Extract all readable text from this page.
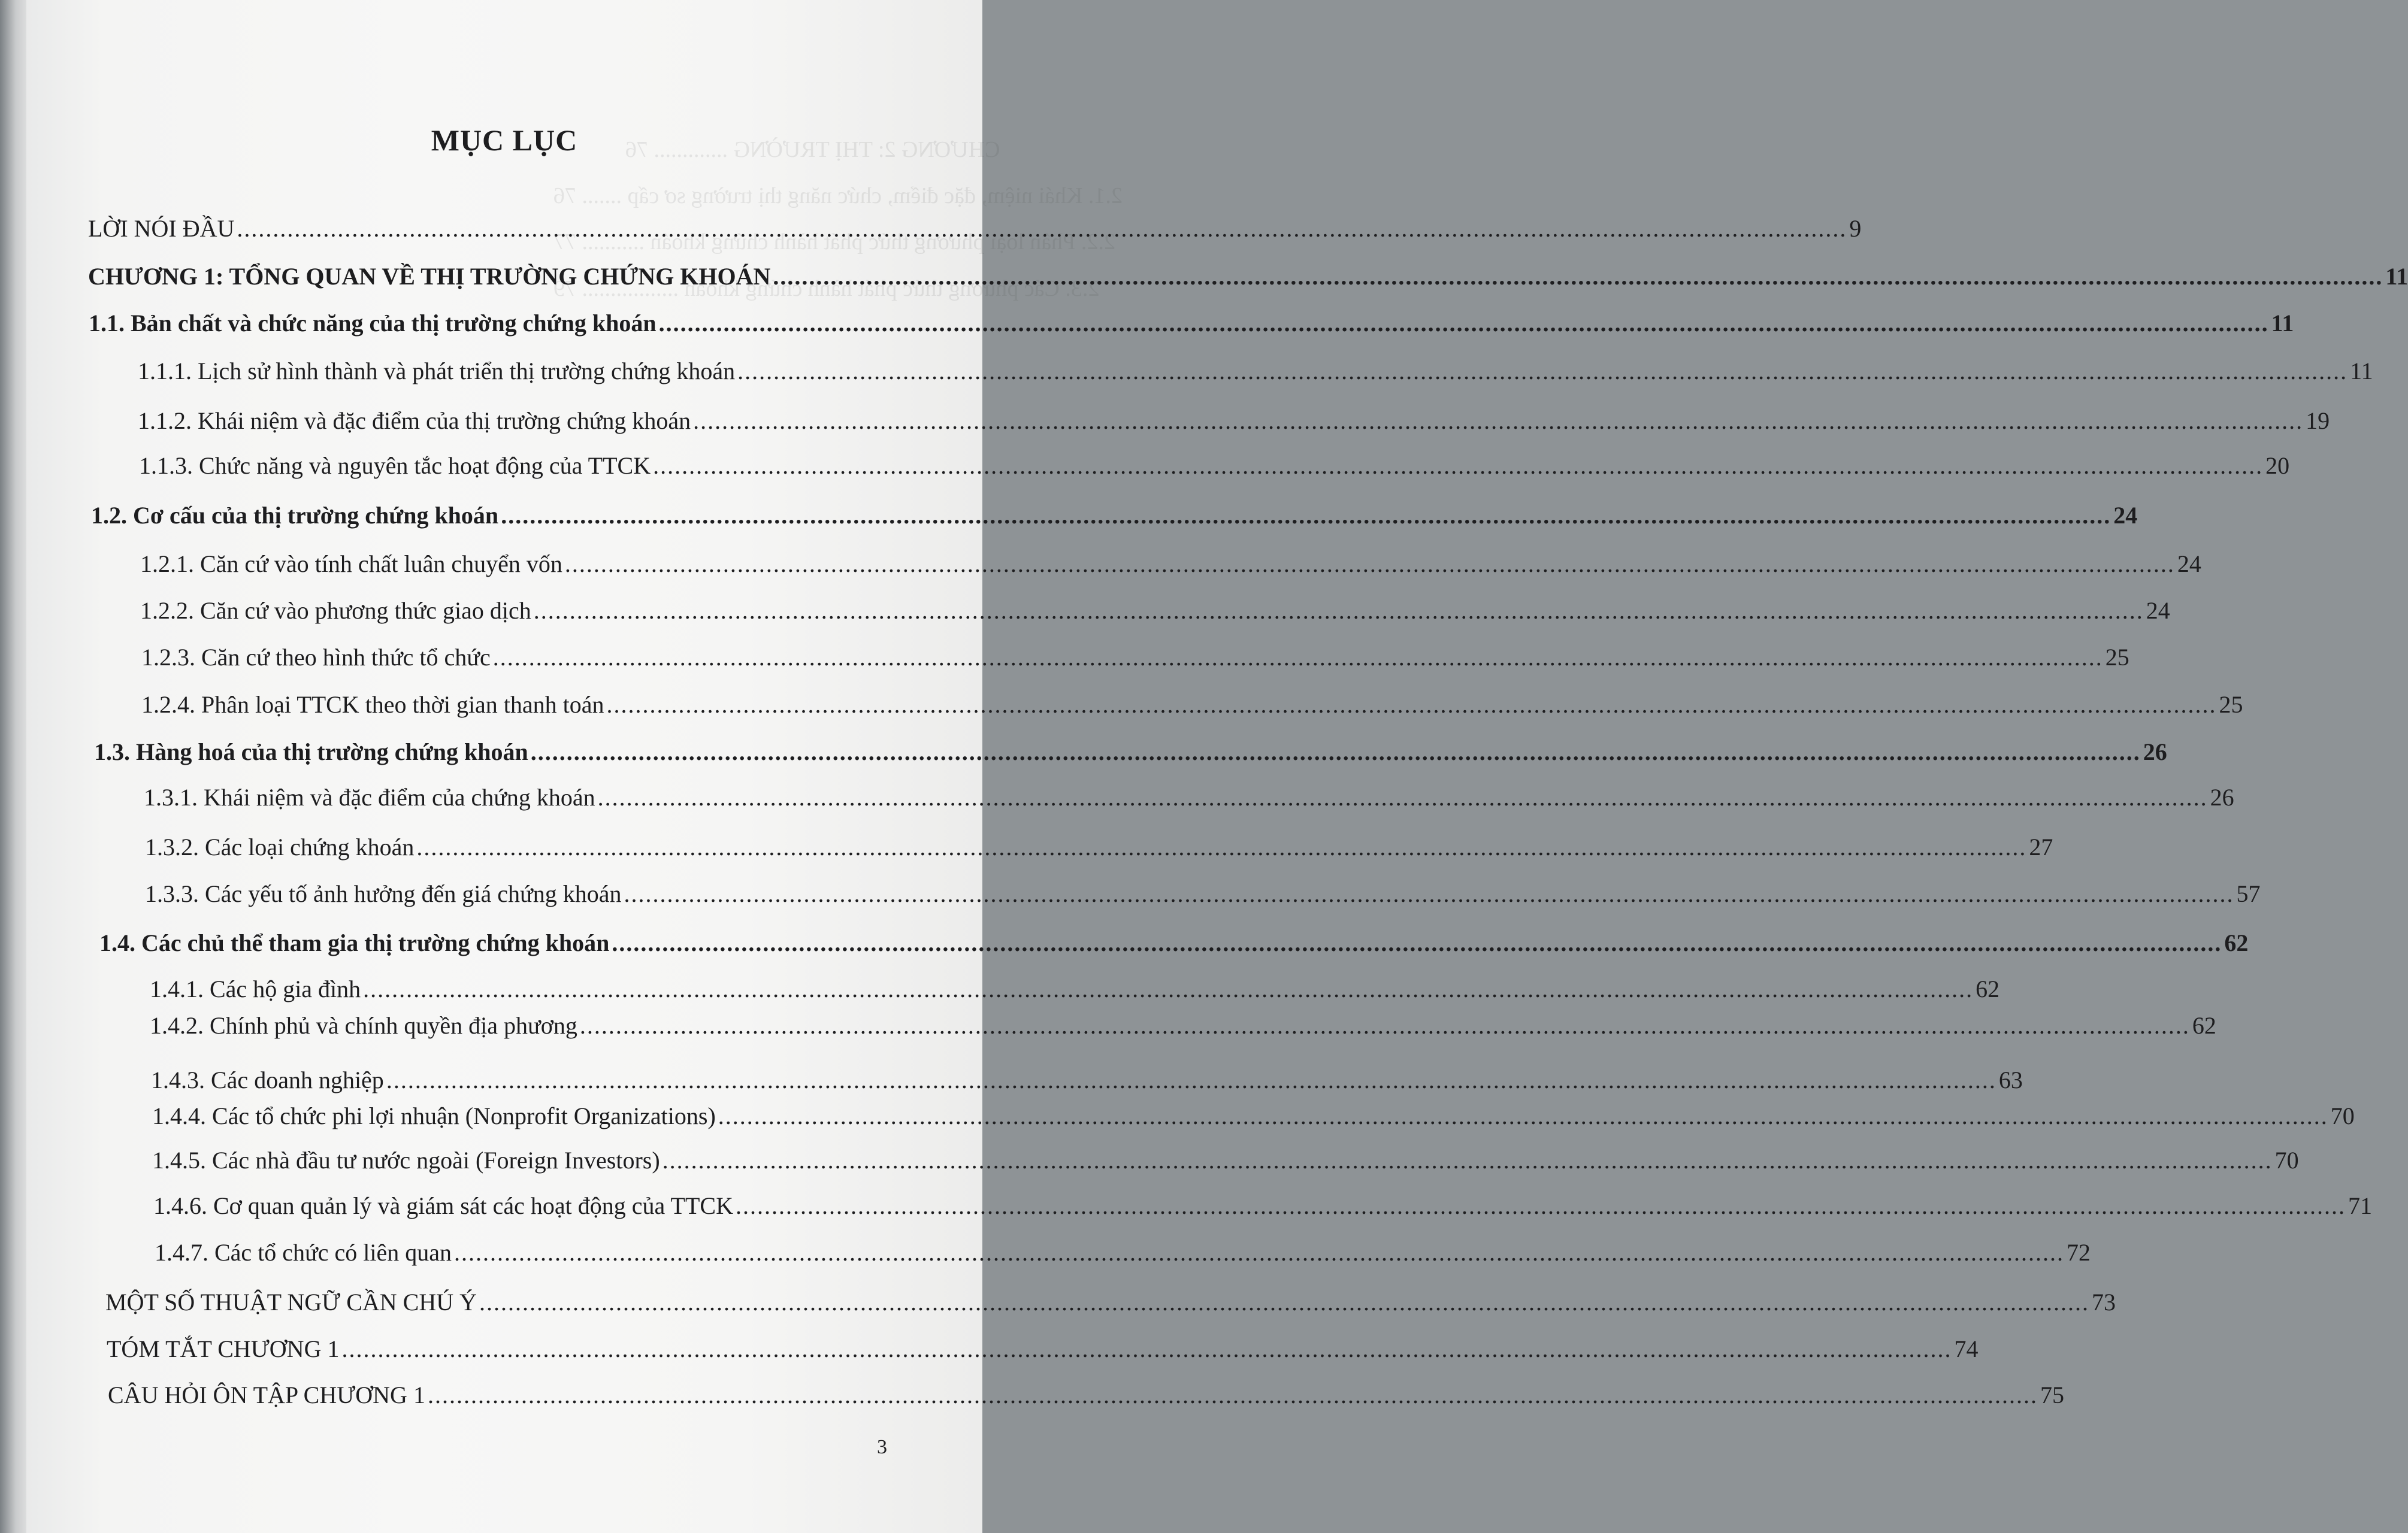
CHƯƠNG 2: THỊ TRƯỜNG ............. 76
2.1. Khái niệm, đặc điểm, chức năng thị trường sơ cấp ....... 76
2.2. Phân loại phương thức phát hành chứng khoán ........... 77
2.3. Các phương thức phát hành chứng khoán ................. 79
MỤC LỤC
LỜI NÓI ĐẦU .....	9
CHƯƠNG 1: TỔNG QUAN VỀ THỊ TRƯỜNG CHỨNG KHOÁN .....	11
1.1. Bản chất và chức năng của thị trường chứng khoán .....	11
1.1.1. Lịch sử hình thành và phát triển thị trường chứng khoán .....	11
1.1.2. Khái niệm và đặc điểm của thị trường chứng khoán .....	19
1.1.3. Chức năng và nguyên tắc hoạt động của TTCK .....	20
1.2. Cơ cấu của thị trường chứng khoán .....	24
1.2.1. Căn cứ vào tính chất luân chuyển vốn .....	24
1.2.2. Căn cứ vào phương thức giao dịch .....	24
1.2.3. Căn cứ theo hình thức tổ chức .....	25
1.2.4. Phân loại TTCK theo thời gian thanh toán .....	25
1.3. Hàng hoá của thị trường chứng khoán .....	26
1.3.1. Khái niệm và đặc điểm của chứng khoán .....	26
1.3.2. Các loại chứng khoán .....	27
1.3.3. Các yếu tố ảnh hưởng đến giá chứng khoán .....	57
1.4. Các chủ thể tham gia thị trường chứng khoán .....	62
1.4.1. Các hộ gia đình .....	62
1.4.2. Chính phủ và chính quyền địa phương .....	62
1.4.3. Các doanh nghiệp .....	63
1.4.4. Các tổ chức phi lợi nhuận (Nonprofit Organizations) .....	70
1.4.5. Các nhà đầu tư nước ngoài (Foreign Investors) .....	70
1.4.6. Cơ quan quản lý và giám sát các hoạt động của TTCK .....	71
1.4.7. Các tổ chức có liên quan .....	72
MỘT SỐ THUẬT NGỮ CẦN CHÚ Ý .....	73
TÓM TẮT CHƯƠNG 1 .....	74
CÂU HỎI ÔN TẬP CHƯƠNG 1 .....	75
3
